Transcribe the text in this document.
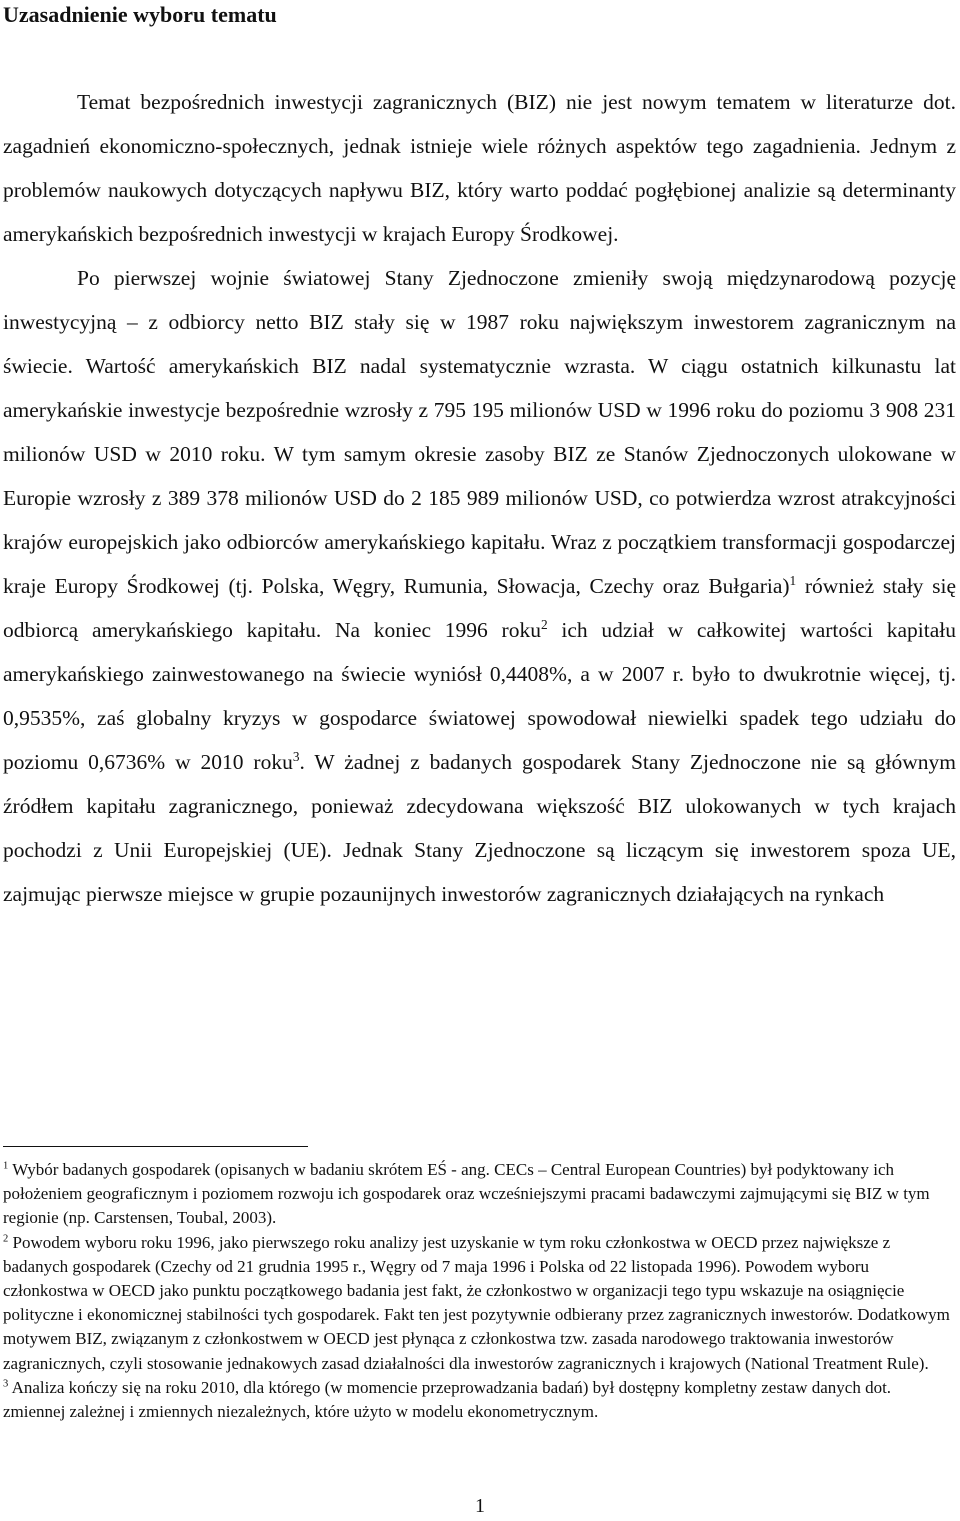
Uzasadnienie wyboru tematu

Temat bezpośrednich inwestycji zagranicznych (BIZ) nie jest nowym tematem w literaturze dot. zagadnień ekonomiczno-społecznych, jednak istnieje wiele różnych aspektów tego zagadnienia. Jednym z problemów naukowych dotyczących napływu BIZ, który warto poddać pogłębionej analizie są determinanty amerykańskich bezpośrednich inwestycji w krajach Europy Środkowej.

Po pierwszej wojnie światowej Stany Zjednoczone zmieniły swoją międzynarodową pozycję inwestycyjną – z odbiorcy netto BIZ stały się w 1987 roku największym inwestorem zagranicznym na świecie. Wartość amerykańskich BIZ nadal systematycznie wzrasta. W ciągu ostatnich kilkunastu lat amerykańskie inwestycje bezpośrednie wzrosły z 795 195 milionów USD w 1996 roku do poziomu 3 908 231 milionów USD w 2010 roku. W tym samym okresie zasoby BIZ ze Stanów Zjednoczonych ulokowane w Europie wzrosły z 389 378 milionów USD do 2 185 989 milionów USD, co potwierdza wzrost atrakcyjności krajów europejskich jako odbiorców amerykańskiego kapitału. Wraz z początkiem transformacji gospodarczej kraje Europy Środkowej (tj. Polska, Węgry, Rumunia, Słowacja, Czechy oraz Bułgaria)$^1$ również stały się odbiorcą amerykańskiego kapitału. Na koniec 1996 roku$^2$ ich udział w całkowitej wartości kapitału amerykańskiego zainwestowanego na świecie wyniósł 0,4408%, a w 2007 r. było to dwukrotnie więcej, tj. 0,9535%, zaś globalny kryzys w gospodarce światowej spowodował niewielki spadek tego udziału do poziomu 0,6736% w 2010 roku$^3$. W żadnej z badanych gospodarek Stany Zjednoczone nie są głównym źródłem kapitału zagranicznego, ponieważ zdecydowana większość BIZ ulokowanych w tych krajach pochodzi z Unii Europejskiej (UE). Jednak Stany Zjednoczone są liczącym się inwestorem spoza UE, zajmując pierwsze miejsce w grupie pozaunijnych inwestorów zagranicznych działających na rynkach

$^1$ Wybór badanych gospodarek (opisanych w badaniu skrótem EŚ - ang. CECs – Central European Countries) był podyktowany ich położeniem geograficznym i poziomem rozwoju ich gospodarek oraz wcześniejszymi pracami badawczymi zajmującymi się BIZ w tym regionie (np. Carstensen, Toubal, 2003).

$^2$ Powodem wyboru roku 1996, jako pierwszego roku analizy jest uzyskanie w tym roku członkostwa w OECD przez największe z badanych gospodarek (Czechy od 21 grudnia 1995 r., Węgry od 7 maja 1996 i Polska od 22 listopada 1996). Powodem wyboru członkostwa w OECD jako punktu początkowego badania jest fakt, że członkostwo w organizacji tego typu wskazuje na osiągnięcie polityczne i ekonomicznej stabilności tych gospodarek. Fakt ten jest pozytywnie odbierany przez zagranicznych inwestorów. Dodatkowym motywem BIZ, związanym z członkostwem w OECD jest płynąca z członkostwa tzw. zasada narodowego traktowania inwestorów zagranicznych, czyli stosowanie jednakowych zasad działalności dla inwestorów zagranicznych i krajowych (National Treatment Rule).

$^3$ Analiza kończy się na roku 2010, dla którego (w momencie przeprowadzania badań) był dostępny kompletny zestaw danych dot. zmiennej zależnej i zmiennych niezależnych, które użyto w modelu ekonometrycznym.

1
